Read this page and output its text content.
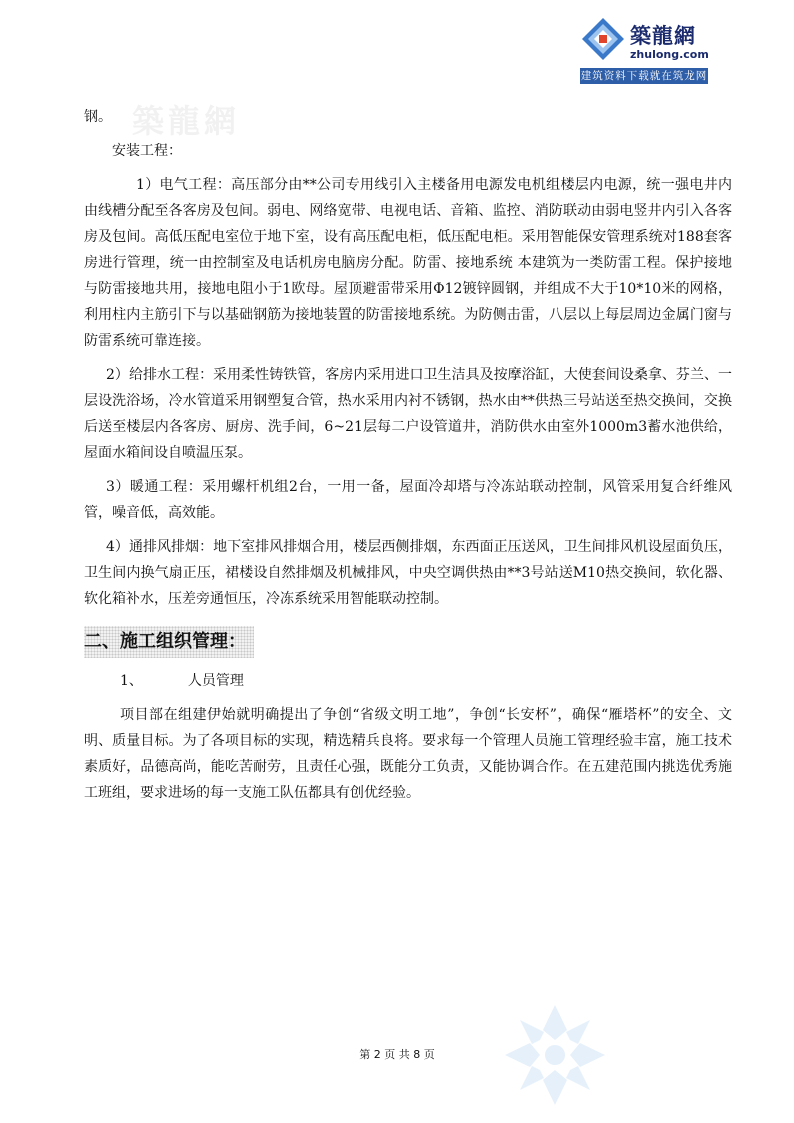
築龍網
zhulong.com
建筑资料下载就在筑龙网
築龍網

钢。

安装工程：

1）电气工程：高压部分由**公司专用线引入主楼备用电源发电机组楼层内电源，统一强电井内由线槽分配至各客房及包间。弱电、网络宽带、电视电话、音箱、监控、消防联动由弱电竖井内引入各客房及包间。高低压配电室位于地下室，设有高压配电柜，低压配电柜。采用智能保安管理系统对188套客房进行管理，统一由控制室及电话机房电脑房分配。防雷、接地系统 本建筑为一类防雷工程。保护接地与防雷接地共用，接地电阻小于1欧母。屋顶避雷带采用Φ12镀锌圆钢，并组成不大于10*10米的网格，利用柱内主筋引下与以基础钢筋为接地装置的防雷接地系统。为防侧击雷，八层以上每层周边金属门窗与防雷系统可靠连接。

2）给排水工程：采用柔性铸铁管，客房内采用进口卫生洁具及按摩浴缸，大使套间设桑拿、芬兰、一层设洗浴场，冷水管道采用钢塑复合管，热水采用内衬不锈钢，热水由**供热三号站送至热交换间，交换后送至楼层内各客房、厨房、洗手间，6~21层每二户设管道井，消防供水由室外1000m3蓄水池供给，屋面水箱间设自喷温压泵。

3）暖通工程：采用螺杆机组2台，一用一备，屋面冷却塔与冷冻站联动控制，风管采用复合纤维风管，噪音低，高效能。

4）通排风排烟：地下室排风排烟合用，楼层西侧排烟，东西面正压送风，卫生间排风机设屋面负压，卫生间内换气扇正压，裙楼设自然排烟及机械排风，中央空调供热由**3号站送M10热交换间，软化器、软化箱补水，压差旁通恒压，冷冻系统采用智能联动控制。

二、施工组织管理：

1、	人员管理

项目部在组建伊始就明确提出了争创“省级文明工地”，争创“长安杯”，确保“雁塔杯”的安全、文明、质量目标。为了各项目标的实现，精选精兵良将。要求每一个管理人员施工管理经验丰富，施工技术素质好，品德高尚，能吃苦耐劳，且责任心强，既能分工负责，又能协调合作。在五建范围内挑选优秀施工班组，要求进场的每一支施工队伍都具有创优经验。

第 2 页 共 8 页
